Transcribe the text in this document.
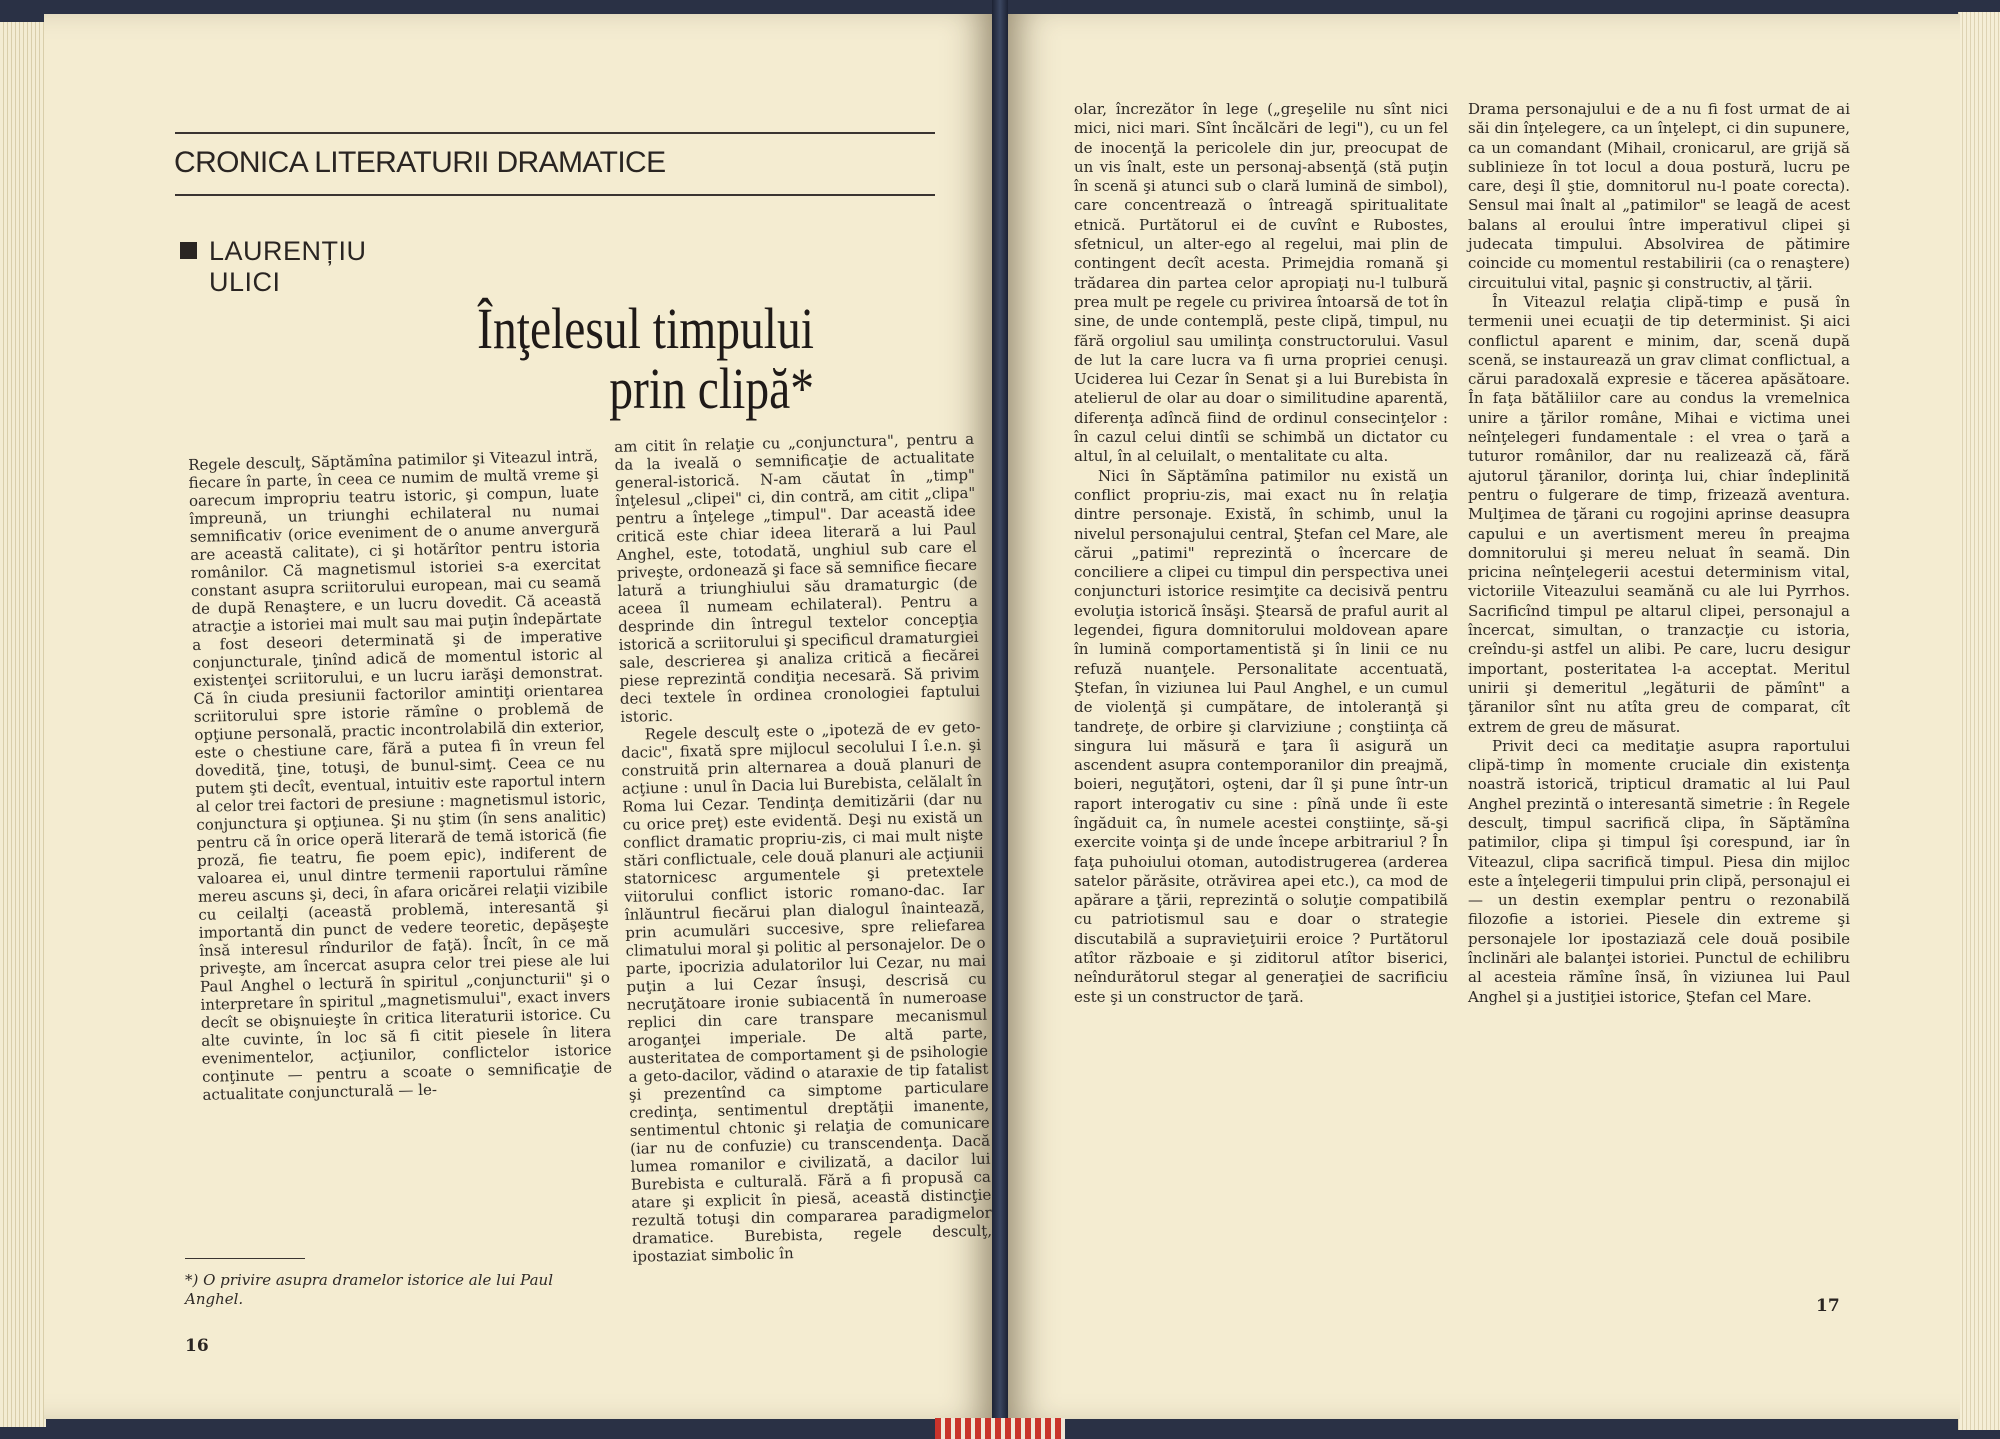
CRONICA LITERATURII DRAMATICE
LAURENȚIU
ULICI
Înţelesul timpului prin clipă*

Regele desculţ, Săptămîna patimilor şi Viteazul intră, fiecare în parte, în ceea ce numim de multă vreme şi oarecum impropriu teatru istoric, şi compun, luate împreună, un triunghi echilateral nu numai semnificativ (orice eveniment de o anume anvergură are această calitate), ci şi hotărîtor pentru istoria românilor. Că magnetismul istoriei s-a exercitat constant asupra scriitorului european, mai cu seamă de după Renaştere, e un lucru dovedit. Că această atracţie a istoriei mai mult sau mai puţin îndepărtate a fost deseori determinată şi de imperative conjuncturale, ţinînd adică de momentul istoric al existenţei scriitorului, e un lucru iarăşi demonstrat. Că în ciuda presiunii factorilor amintiţi orientarea scriitorului spre istorie rămîne o problemă de opţiune personală, practic incontrolabilă din exterior, este o chestiune care, fără a putea fi în vreun fel dovedită, ţine, totuşi, de bunul-simţ. Ceea ce nu putem şti decît, eventual, intuitiv este raportul intern al celor trei factori de presiune : magnetismul istoric, conjunctura şi opţiunea. Şi nu ştim (în sens analitic) pentru că în orice operă literară de temă istorică (fie proză, fie teatru, fie poem epic), indiferent de valoarea ei, unul dintre termenii raportului rămîne mereu ascuns şi, deci, în afara oricărei relaţii vizibile cu ceilalţi (această problemă, interesantă şi importantă din punct de vedere teoretic, depăşeşte însă interesul rîndurilor de faţă). Încît, în ce mă priveşte, am încercat asupra celor trei piese ale lui Paul Anghel o lectură în spiritul „conjuncturii" şi o interpretare în spiritul „magnetismului", exact invers decît se obişnuieşte în critica literaturii istorice. Cu alte cuvinte, în loc să fi citit piesele în litera evenimentelor, acţiunilor, conflictelor istorice conţinute — pentru a scoate o semnificaţie de actualitate conjuncturală — le-

am citit în relaţie cu „conjunctura", pentru a da la iveală o semnificaţie de actualitate general-istorică. N-am căutat în „timp" înţelesul „clipei" ci, din contră, am citit „clipa" pentru a înţelege „timpul". Dar această idee critică este chiar ideea literară a lui Paul Anghel, este, totodată, unghiul sub care el priveşte, ordonează şi face să semnifice fiecare latură a triunghiului său dramaturgic (de aceea îl numeam echilateral). Pentru a desprinde din întregul textelor concepţia istorică a scriitorului şi specificul dramaturgiei sale, descrierea şi analiza critică a fiecărei piese reprezintă condiţia necesară. Să privim deci textele în ordinea cronologiei faptului istoric.

Regele desculţ este o „ipoteză de ev geto-dacic", fixată spre mijlocul secolului I î.e.n. şi construită prin alternarea a două planuri de acţiune : unul în Dacia lui Burebista, celălalt în Roma lui Cezar. Tendinţa demitizării (dar nu cu orice preţ) este evidentă. Deşi nu există un conflict dramatic propriu-zis, ci mai mult nişte stări conflictuale, cele două planuri ale acţiunii statornicesc argumentele şi pretextele viitorului conflict istoric romano-dac. Iar înlăuntrul fiecărui plan dialogul înaintează, prin acumulări succesive, spre reliefarea climatului moral şi politic al personajelor. De o parte, ipocrizia adulatorilor lui Cezar, nu mai puţin a lui Cezar însuşi, descrisă cu necruţătoare ironie subiacentă în numeroase replici din care transpare mecanismul aroganţei imperiale. De altă parte, austeritatea de comportament şi de psihologie a geto-dacilor, vădind o ataraxie de tip fatalist şi prezentînd ca simptome particulare credinţa, sentimentul dreptăţii imanente, sentimentul chtonic şi relaţia de comunicare (iar nu de confuzie) cu transcendenţa. Dacă lumea romanilor e civilizată, a dacilor lui Burebista e culturală. Fără a fi propusă ca atare şi explicit în piesă, această distincţie rezultă totuşi din compararea paradigmelor dramatice. Burebista, regele desculţ, ipostaziat simbolic în

*) O privire asupra dramelor istorice ale lui Paul Anghel.

16

olar, încrezător în lege („greşelile nu sînt nici mici, nici mari. Sînt încălcări de legi"), cu un fel de inocenţă la pericolele din jur, preocupat de un vis înalt, este un personaj-absenţă (stă puţin în scenă şi atunci sub o clară lumină de simbol), care concentrează o întreagă spiritualitate etnică. Purtătorul ei de cuvînt e Rubostes, sfetnicul, un alter-ego al regelui, mai plin de contingent decît acesta. Primejdia romană şi trădarea din partea celor apropiaţi nu-l tulbură prea mult pe regele cu privirea întoarsă de tot în sine, de unde contemplă, peste clipă, timpul, nu fără orgoliul sau umilinţa constructorului. Vasul de lut la care lucra va fi urna propriei cenuşi. Uciderea lui Cezar în Senat şi a lui Burebista în atelierul de olar au doar o similitudine aparentă, diferenţa adîncă fiind de ordinul consecinţelor : în cazul celui dintîi se schimbă un dictator cu altul, în al celuilalt, o mentalitate cu alta.

Nici în Săptămîna patimilor nu există un conflict propriu-zis, mai exact nu în relaţia dintre personaje. Există, în schimb, unul la nivelul personajului central, Ştefan cel Mare, ale cărui „patimi" reprezintă o încercare de conciliere a clipei cu timpul din perspectiva unei conjuncturi istorice resimţite ca decisivă pentru evoluţia istorică însăşi. Ştearsă de praful aurit al legendei, figura domnitorului moldovean apare în lumină comportamentistă şi în linii ce nu refuză nuanţele. Personalitate accentuată, Ştefan, în viziunea lui Paul Anghel, e un cumul de violenţă şi cumpătare, de intoleranţă şi tandreţe, de orbire şi clarviziune ; conştiinţa că singura lui măsură e ţara îi asigură un ascendent asupra contemporanilor din preajmă, boieri, neguţători, oşteni, dar îl şi pune într-un raport interogativ cu sine : pînă unde îi este îngăduit ca, în numele acestei conştiinţe, să-şi exercite voinţa şi de unde începe arbitrariul ? În faţa puhoiului otoman, autodistrugerea (arderea satelor părăsite, otrăvirea apei etc.), ca mod de apărare a ţării, reprezintă o soluţie compatibilă cu patriotismul sau e doar o strategie discutabilă a supravieţuirii eroice ? Purtătorul atîtor războaie e şi ziditorul atîtor biserici, neîndurătorul stegar al generaţiei de sacrificiu este şi un constructor de ţară.

Drama personajului e de a nu fi fost urmat de ai săi din înţelegere, ca un înţelept, ci din supunere, ca un comandant (Mihail, cronicarul, are grijă să sublinieze în tot locul a doua postură, lucru pe care, deşi îl ştie, domnitorul nu-l poate corecta). Sensul mai înalt al „patimilor" se leagă de acest balans al eroului între imperativul clipei şi judecata timpului. Absolvirea de pătimire coincide cu momentul restabilirii (ca o renaştere) circuitului vital, paşnic şi constructiv, al ţării.

În Viteazul relaţia clipă-timp e pusă în termenii unei ecuaţii de tip determinist. Şi aici conflictul aparent e minim, dar, scenă după scenă, se instaurează un grav climat conflictual, a cărui paradoxală expresie e tăcerea apăsătoare. În faţa bătăliilor care au condus la vremelnica unire a ţărilor române, Mihai e victima unei neînţelegeri fundamentale : el vrea o ţară a tuturor românilor, dar nu realizează că, fără ajutorul ţăranilor, dorinţa lui, chiar îndeplinită pentru o fulgerare de timp, frizează aventura. Mulţimea de ţărani cu rogojini aprinse deasupra capului e un avertisment mereu în preajma domnitorului şi mereu neluat în seamă. Din pricina neînţelegerii acestui determinism vital, victoriile Viteazului seamănă cu ale lui Pyrrhos. Sacrificînd timpul pe altarul clipei, personajul a încercat, simultan, o tranzacţie cu istoria, creîndu-şi astfel un alibi. Pe care, lucru desigur important, posteritatea l-a acceptat. Meritul unirii şi demeritul „legăturii de pămînt" a ţăranilor sînt nu atîta greu de comparat, cît extrem de greu de măsurat.

Privit deci ca meditaţie asupra raportului clipă-timp în momente cruciale din existenţa noastră istorică, tripticul dramatic al lui Paul Anghel prezintă o interesantă simetrie : în Regele desculţ, timpul sacrifică clipa, în Săptămîna patimilor, clipa şi timpul îşi corespund, iar în Viteazul, clipa sacrifică timpul. Piesa din mijloc este a înţelegerii timpului prin clipă, personajul ei — un destin exemplar pentru o rezonabilă filozofie a istoriei. Piesele din extreme şi personajele lor ipostaziază cele două posibile înclinări ale balanţei istoriei. Punctul de echilibru al acesteia rămîne însă, în viziunea lui Paul Anghel şi a justiţiei istorice, Ştefan cel Mare.

17
